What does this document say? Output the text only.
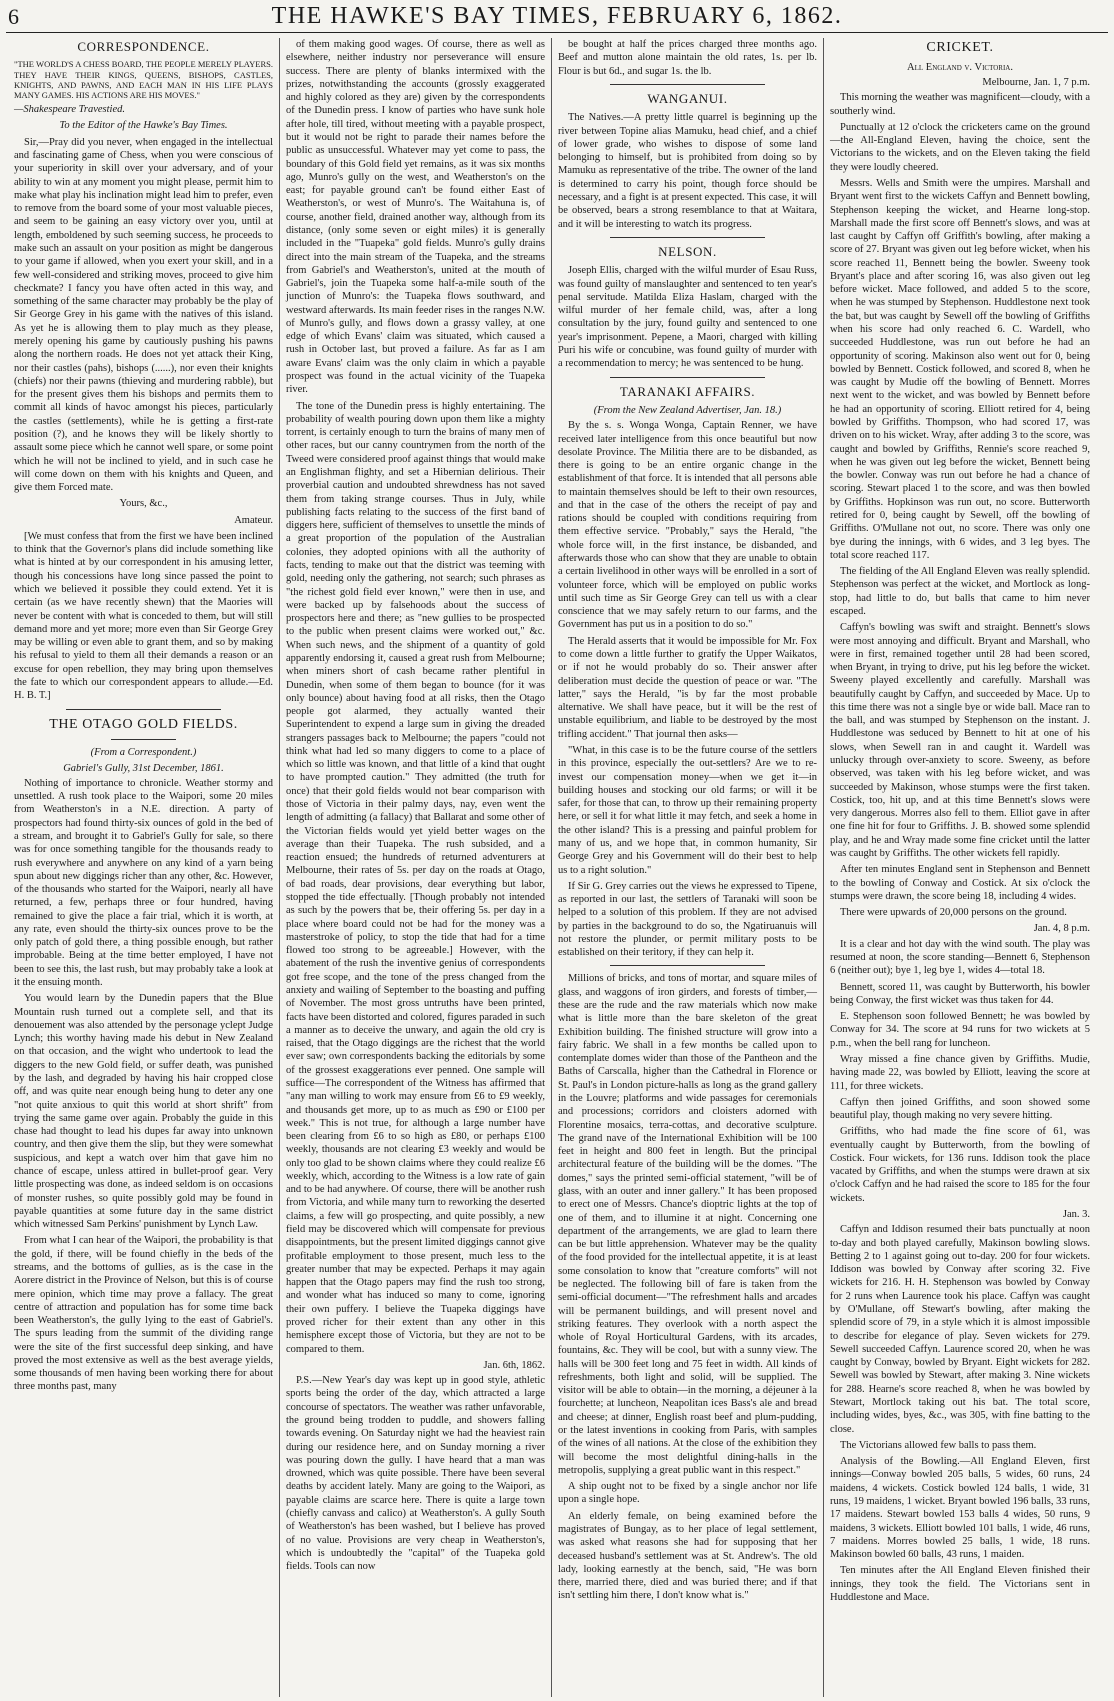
6	THE HAWKE'S BAY TIMES, FEBRUARY 6, 1862.
CORRESPONDENCE.
"THE WORLD'S A CHESS BOARD, THE PEOPLE MERELY PLAYERS. THEY HAVE THEIR KINGS, QUEENS, BISHOPS, CASTLES, KNIGHTS, AND PAWNS, AND EACH MAN IN HIS LIFE PLAYS MANY GAMES. HIS ACTIONS ARE HIS MOVES."
—Shakespeare Travestied.
To the Editor of the Hawke's Bay Times.

Sir,—Pray did you never, when engaged in the intellectual and fascinating game of Chess, when you were conscious of your superiority in skill over your adversary, and of your ability to win at any moment you might please, permit him to make what play his inclination might lead him to prefer, even to remove from the board some of your most valuable pieces, and seem to be gaining an easy victory over you, until at length, emboldened by such seeming success, he proceeds to make such an assault on your position as might be dangerous to your game if allowed, when you exert your skill, and in a few well-considered and striking moves, proceed to give him checkmate? I fancy you have often acted in this way, and something of the same character may probably be the play of Sir George Grey in his game with the natives of this island. As yet he is allowing them to play much as they please, merely opening his game by cautiously pushing his pawns along the northern roads. He does not yet attack their King, nor their castles (pahs), bishops (......), nor even their knights (chiefs) nor their pawns (thieving and murdering rabble), but for the present gives them his bishops and permits them to commit all kinds of havoc amongst his pieces, particularly the castles (settlements), while he is getting a first-rate position (?), and he knows they will be likely shortly to assault some piece which he cannot well spare, or some point which he will not be inclined to yield, and in such case he will come down on them with his knights and Queen, and give them Forced mate.

Yours, &c.,
Amateur.

[We must confess that from the first we have been inclined to think that the Governor's plans did include something like what is hinted at by our correspondent in his amusing letter, though his concessions have long since passed the point to which we believed it possible they could extend. Yet it is certain (as we have recently shewn) that the Maories will never be content with what is conceded to them, but will still demand more and yet more; more even than Sir George Grey may be willing or even able to grant them, and so by making his refusal to yield to them all their demands a reason or an excuse for open rebellion, they may bring upon themselves the fate to which our correspondent appears to allude.—Ed. H. B. T.]

THE OTAGO GOLD FIELDS.
(From a Correspondent.)
Gabriel's Gully, 31st December, 1861.

Nothing of importance to chronicle. Weather stormy and unsettled. A rush took place to the Waipori, some 20 miles from Weatherston's in a N.E. direction. A party of prospectors had found thirty-six ounces of gold in the bed of a stream, and brought it to Gabriel's Gully for sale, so there was for once something tangible for the thousands ready to rush everywhere and anywhere on any kind of a yarn being spun about new diggings richer than any other, &c. However, of the thousands who started for the Waipori, nearly all have returned, a few, perhaps three or four hundred, having remained to give the place a fair trial, which it is worth, at any rate, even should the thirty-six ounces prove to be the only patch of gold there, a thing possible enough, but rather improbable. Being at the time better employed, I have not been to see this, the last rush, but may probably take a look at it the ensuing month.

You would learn by the Dunedin papers that the Blue Mountain rush turned out a complete sell, and that its denouement was also attended by the personage yclept Judge Lynch; this worthy having made his debut in New Zealand on that occasion, and the wight who undertook to lead the diggers to the new Gold field, or suffer death, was punished by the lash, and degraded by having his hair cropped close off, and was quite near enough being hung to deter any one "not quite anxious to quit this world at short shrift" from trying the same game over again. Probably the guide in this chase had thought to lead his dupes far away into unknown country, and then give them the slip, but they were somewhat suspicious, and kept a watch over him that gave him no chance of escape, unless attired in bullet-proof gear. Very little prospecting was done, as indeed seldom is on occasions of monster rushes, so quite possibly gold may be found in payable quantities at some future day in the same district which witnessed Sam Perkins' punishment by Lynch Law.

From what I can hear of the Waipori, the probability is that the gold, if there, will be found chiefly in the beds of the streams, and the bottoms of gullies, as is the case in the Aorere district in the Province of Nelson, but this is of course mere opinion, which time may prove a fallacy. The great centre of attraction and population has for some time back been Weatherston's, the gully lying to the east of Gabriel's. The spurs leading from the summit of the dividing range were the site of the first successful deep sinking, and have proved the most extensive as well as the best average yields, some thousands of men having been working there for about three months past, many

of them making good wages. Of course, there as well as elsewhere, neither industry nor perseverance will ensure success. There are plenty of blanks intermixed with the prizes, notwithstanding the accounts (grossly exaggerated and highly colored as they are) given by the correspondents of the Dunedin press. I know of parties who have sunk hole after hole, till tired, without meeting with a payable prospect, but it would not be right to parade their names before the public as unsuccessful. Whatever may yet come to pass, the boundary of this Gold field yet remains, as it was six months ago, Munro's gully on the west, and Weatherston's on the east; for payable ground can't be found either East of Weatherston's, or west of Munro's. The Waitahuna is, of course, another field, drained another way, although from its distance, (only some seven or eight miles) it is generally included in the "Tuapeka" gold fields. Munro's gully drains direct into the main stream of the Tuapeka, and the streams from Gabriel's and Weatherston's, united at the mouth of Gabriel's, join the Tuapeka some half-a-mile south of the junction of Munro's: the Tuapeka flows southward, and westward afterwards. Its main feeder rises in the ranges N.W. of Munro's gully, and flows down a grassy valley, at one edge of which Evans' claim was situated, which caused a rush in October last, but proved a failure. As far as I am aware Evans' claim was the only claim in which a payable prospect was found in the actual vicinity of the Tuapeka river.

The tone of the Dunedin press is highly entertaining. The probability of wealth pouring down upon them like a mighty torrent, is certainly enough to turn the brains of many men of other races, but our canny countrymen from the north of the Tweed were considered proof against things that would make an Englishman flighty, and set a Hibernian delirious. Their proverbial caution and undoubted shrewdness has not saved them from taking strange courses. Thus in July, while publishing facts relating to the success of the first band of diggers here, sufficient of themselves to unsettle the minds of a great proportion of the population of the Australian colonies, they adopted opinions with all the authority of facts, tending to make out that the district was teeming with gold, needing only the gathering, not search; such phrases as "the richest gold field ever known," were then in use, and were backed up by falsehoods about the success of prospectors here and there; as "new gullies to be prospected to the public when present claims were worked out," &c. When such news, and the shipment of a quantity of gold apparently endorsing it, caused a great rush from Melbourne; when miners short of cash became rather plentiful in Dunedin, when some of them began to bounce (for it was only bounce) about having food at all risks, then the Otago people got alarmed, they actually wanted their Superintendent to expend a large sum in giving the dreaded strangers passages back to Melbourne; the papers "could not think what had led so many diggers to come to a place of which so little was known, and that little of a kind that ought to have prompted caution." They admitted (the truth for once) that their gold fields would not bear comparison with those of Victoria in their palmy days, nay, even went the length of admitting (a fallacy) that Ballarat and some other of the Victorian fields would yet yield better wages on the average than their Tuapeka. The rush subsided, and a reaction ensued; the hundreds of returned adventurers at Melbourne, their rates of 5s. per day on the roads at Otago, of bad roads, dear provisions, dear everything but labor, stopped the tide effectually. [Though probably not intended as such by the powers that be, their offering 5s. per day in a place where board could not be had for the money was a masterstroke of policy, to stop the tide that had for a time flowed too strong to be agreeable.] However, with the abatement of the rush the inventive genius of correspondents got free scope, and the tone of the press changed from the anxiety and wailing of September to the boasting and puffing of November. The most gross untruths have been printed, facts have been distorted and colored, figures paraded in such a manner as to deceive the unwary, and again the old cry is raised, that the Otago diggings are the richest that the world ever saw; own correspondents backing the editorials by some of the grossest exaggerations ever penned. One sample will suffice—The correspondent of the Witness has affirmed that "any man willing to work may ensure from £6 to £9 weekly, and thousands get more, up to as much as £90 or £100 per week." This is not true, for although a large number have been clearing from £6 to so high as £80, or perhaps £100 weekly, thousands are not clearing £3 weekly and would be only too glad to be shown claims where they could realize £6 weekly, which, according to the Witness is a low rate of gain and to be had anywhere. Of course, there will be another rush from Victoria, and while many turn to reworking the deserted claims, a few will go prospecting, and quite possibly, a new field may be discovered which will compensate for previous disappointments, but the present limited diggings cannot give profitable employment to those present, much less to the greater number that may be expected. Perhaps it may again happen that the Otago papers may find the rush too strong, and wonder what has induced so many to come, ignoring their own puffery. I believe the Tuapeka diggings have proved richer for their extent than any other in this hemisphere except those of Victoria, but they are not to be compared to them.

Jan. 6th, 1862.

P.S.—New Year's day was kept up in good style, athletic sports being the order of the day, which attracted a large concourse of spectators. The weather was rather unfavorable, the ground being trodden to puddle, and showers falling towards evening. On Saturday night we had the heaviest rain during our residence here, and on Sunday morning a river was pouring down the gully. I have heard that a man was drowned, which was quite possible. There have been several deaths by accident lately. Many are going to the Waipori, as payable claims are scarce here. There is quite a large town (chiefly canvass and calico) at Weatherston's. A gully South of Weatherston's has been washed, but I believe has proved of no value. Provisions are very cheap in Weatherston's, which is undoubtedly the "capital" of the Tuapeka gold fields. Tools can now

be bought at half the prices charged three months ago. Beef and mutton alone maintain the old rates, 1s. per lb. Flour is but 6d., and sugar 1s. the lb.

WANGANUI.

The Natives.—A pretty little quarrel is beginning up the river between Topine alias Mamuku, head chief, and a chief of lower grade, who wishes to dispose of some land belonging to himself, but is prohibited from doing so by Mamuku as representative of the tribe. The owner of the land is determined to carry his point, though force should be necessary, and a fight is at present expected. This case, it will be observed, bears a strong resemblance to that at Waitara, and it will be interesting to watch its progress.

NELSON.

Joseph Ellis, charged with the wilful murder of Esau Russ, was found guilty of manslaughter and sentenced to ten year's penal servitude. Matilda Eliza Haslam, charged with the wilful murder of her female child, was, after a long consultation by the jury, found guilty and sentenced to one year's imprisonment. Pepene, a Maori, charged with killing Puri his wife or concubine, was found guilty of murder with a recommendation to mercy; he was sentenced to be hung.

TARANAKI AFFAIRS.
(From the New Zealand Advertiser, Jan. 18.)

By the s. s. Wonga Wonga, Captain Renner, we have received later intelligence from this once beautiful but now desolate Province. The Militia there are to be disbanded, as there is going to be an entire organic change in the establishment of that force. It is intended that all persons able to maintain themselves should be left to their own resources, and that in the case of the others the receipt of pay and rations should be coupled with conditions requiring from them effective service. "Probably," says the Herald, "the whole force will, in the first instance, be disbanded, and afterwards those who can show that they are unable to obtain a certain livelihood in other ways will be enrolled in a sort of volunteer force, which will be employed on public works until such time as Sir George Grey can tell us with a clear conscience that we may safely return to our farms, and the Government has put us in a position to do so."

The Herald asserts that it would be impossible for Mr. Fox to come down a little further to gratify the Upper Waikatos, or if not he would probably do so. Their answer after deliberation must decide the question of peace or war. "The latter," says the Herald, "is by far the most probable alternative. We shall have peace, but it will be the rest of unstable equilibrium, and liable to be destroyed by the most trifling accident." That journal then asks—

"What, in this case is to be the future course of the settlers in this province, especially the out-settlers? Are we to re-invest our compensation money—when we get it—in building houses and stocking our old farms; or will it be safer, for those that can, to throw up their remaining property here, or sell it for what little it may fetch, and seek a home in the other island? This is a pressing and painful problem for many of us, and we hope that, in common humanity, Sir George Grey and his Government will do their best to help us to a right solution."

If Sir G. Grey carries out the views he expressed to Tipene, as reported in our last, the settlers of Taranaki will soon be helped to a solution of this problem. If they are not advised by parties in the background to do so, the Ngatiruanuis will not restore the plunder, or permit military posts to be established on their teritory, if they can help it.

Millions of bricks, and tons of mortar, and square miles of glass, and waggons of iron girders, and forests of timber,—these are the rude and the raw materials which now make what is little more than the bare skeleton of the great Exhibition building. The finished structure will grow into a fairy fabric. We shall in a few months be called upon to contemplate domes wider than those of the Pantheon and the Baths of Carscalla, higher than the Cathedral in Florence or St. Paul's in London picture-halls as long as the grand gallery in the Louvre; platforms and wide passages for ceremonials and processions; corridors and cloisters adorned with Florentine mosaics, terra-cottas, and decorative sculpture. The grand nave of the International Exhibition will be 100 feet in height and 800 feet in length. But the principal architectural feature of the building will be the domes. "The domes," says the printed semi-official statement, "will be of glass, with an outer and inner gallery." It has been proposed to erect one of Messrs. Chance's dioptric lights at the top of one of them, and to illumine it at night. Concerning one department of the arrangements, we are glad to learn there can be but little apprehension. Whatever may be the quality of the food provided for the intellectual appetite, it is at least some consolation to know that "creature comforts" will not be neglected. The following bill of fare is taken from the semi-official document—"The refreshment halls and arcades will be permanent buildings, and will present novel and striking features. They overlook with a north aspect the whole of Royal Horticultural Gardens, with its arcades, fountains, &c. They will be cool, but with a sunny view. The halls will be 300 feet long and 75 feet in width. All kinds of refreshments, both light and solid, will be supplied. The visitor will be able to obtain—in the morning, a déjeuner à la fourchette; at luncheon, Neapolitan ices Bass's ale and bread and cheese; at dinner, English roast beef and plum-pudding, or the latest inventions in cooking from Paris, with samples of the wines of all nations. At the close of the exhibition they will become the most delightful dining-halls in the metropolis, supplying a great public want in this respect."

A ship ought not to be fixed by a single anchor nor life upon a single hope.

An elderly female, on being examined before the magistrates of Bungay, as to her place of legal settlement, was asked what reasons she had for supposing that her deceased husband's settlement was at St. Andrew's. The old lady, looking earnestly at the bench, said, "He was born there, married there, died and was buried there; and if that isn't settling him there, I don't know what is."

CRICKET.
All England v. Victoria.
Melbourne, Jan. 1, 7 p.m.

This morning the weather was magnificent—cloudy, with a southerly wind.

Punctually at 12 o'clock the cricketers came on the ground—the All-England Eleven, having the choice, sent the Victorians to the wickets, and on the Eleven taking the field they were loudly cheered.

Messrs. Wells and Smith were the umpires. Marshall and Bryant went first to the wickets Caffyn and Bennett bowling, Stephenson keeping the wicket, and Hearne long-stop. Marshall made the first score off Bennett's slows, and was at last caught by Caffyn off Griffith's bowling, after making a score of 27. Bryant was given out leg before wicket, when his score reached 11, Bennett being the bowler. Sweeny took Bryant's place and after scoring 16, was also given out leg before wicket. Mace followed, and added 5 to the score, when he was stumped by Stephenson. Huddlestone next took the bat, but was caught by Sewell off the bowling of Griffiths when his score had only reached 6. C. Wardell, who succeeded Huddlestone, was run out before he had an opportunity of scoring. Makinson also went out for 0, being bowled by Bennett. Costick followed, and scored 8, when he was caught by Mudie off the bowling of Bennett. Morres next went to the wicket, and was bowled by Bennett before he had an opportunity of scoring. Elliott retired for 4, being bowled by Griffiths. Thompson, who had scored 17, was driven on to his wicket. Wray, after adding 3 to the score, was caught and bowled by Griffiths, Rennie's score reached 9, when he was given out leg before the wicket, Bennett being the bowler. Conway was run out before he had a chance of scoring. Stewart placed 1 to the score, and was then bowled by Griffiths. Hopkinson was run out, no score. Butterworth retired for 0, being caught by Sewell, off the bowling of Griffiths. O'Mullane not out, no score. There was only one bye during the innings, with 6 wides, and 3 leg byes. The total score reached 117.

The fielding of the All England Eleven was really splendid. Stephenson was perfect at the wicket, and Mortlock as long-stop, had little to do, but balls that came to him never escaped.

Caffyn's bowling was swift and straight. Bennett's slows were most annoying and difficult. Bryant and Marshall, who were in first, remained together until 28 had been scored, when Bryant, in trying to drive, put his leg before the wicket. Sweeny played excellently and carefully. Marshall was beautifully caught by Caffyn, and succeeded by Mace. Up to this time there was not a single bye or wide ball. Mace ran to the ball, and was stumped by Stephenson on the instant. J. Huddlestone was seduced by Bennett to hit at one of his slows, when Sewell ran in and caught it. Wardell was unlucky through over-anxiety to score. Sweeny, as before observed, was taken with his leg before wicket, and was succeeded by Makinson, whose stumps were the first taken. Costick, too, hit up, and at this time Bennett's slows were very dangerous. Morres also fell to them. Elliot gave in after one fine hit for four to Griffiths. J. B. showed some splendid play, and he and Wray made some fine cricket until the latter was caught by Griffiths. The other wickets fell rapidly.

After ten minutes England sent in Stephenson and Bennett to the bowling of Conway and Costick. At six o'clock the stumps were drawn, the score being 18, including 4 wides.

There were upwards of 20,000 persons on the ground.

Jan. 4, 8 p.m.

It is a clear and hot day with the wind south. The play was resumed at noon, the score standing—Bennett 6, Stephenson 6 (neither out); bye 1, leg bye 1, wides 4—total 18.

Bennett, scored 11, was caught by Butterworth, his bowler being Conway, the first wicket was thus taken for 44.

E. Stephenson soon followed Bennett; he was bowled by Conway for 34. The score at 94 runs for two wickets at 5 p.m., when the bell rang for luncheon.

Wray missed a fine chance given by Griffiths. Mudie, having made 22, was bowled by Elliott, leaving the score at 111, for three wickets.

Caffyn then joined Griffiths, and soon showed some beautiful play, though making no very severe hitting.

Griffiths, who had made the fine score of 61, was eventually caught by Butterworth, from the bowling of Costick. Four wickets, for 136 runs. Iddison took the place vacated by Griffiths, and when the stumps were drawn at six o'clock Caffyn and he had raised the score to 185 for the four wickets.

Jan. 3.

Caffyn and Iddison resumed their bats punctually at noon to-day and both played carefully, Makinson bowling slows. Betting 2 to 1 against going out to-day. 200 for four wickets. Iddison was bowled by Conway after scoring 32. Five wickets for 216. H. H. Stephenson was bowled by Conway for 2 runs when Laurence took his place. Caffyn was caught by O'Mullane, off Stewart's bowling, after making the splendid score of 79, in a style which it is almost impossible to describe for elegance of play. Seven wickets for 279. Sewell succeeded Caffyn. Laurence scored 20, when he was caught by Conway, bowled by Bryant. Eight wickets for 282. Sewell was bowled by Stewart, after making 3. Nine wickets for 288. Hearne's score reached 8, when he was bowled by Stewart, Mortlock taking out his bat. The total score, including wides, byes, &c., was 305, with fine batting to the close.

The Victorians allowed few balls to pass them.

Analysis of the Bowling.—All England Eleven, first innings—Conway bowled 205 balls, 5 wides, 60 runs, 24 maidens, 4 wickets. Costick bowled 124 balls, 1 wide, 31 runs, 19 maidens, 1 wicket. Bryant bowled 196 balls, 33 runs, 17 maidens. Stewart bowled 153 balls 4 wides, 50 runs, 9 maidens, 3 wickets. Elliott bowled 101 balls, 1 wide, 46 runs, 7 maidens. Morres bowled 25 balls, 1 wide, 18 runs. Makinson bowled 60 balls, 43 runs, 1 maiden.

Ten minutes after the All England Eleven finished their innings, they took the field. The Victorians sent in Huddlestone and Mace.
